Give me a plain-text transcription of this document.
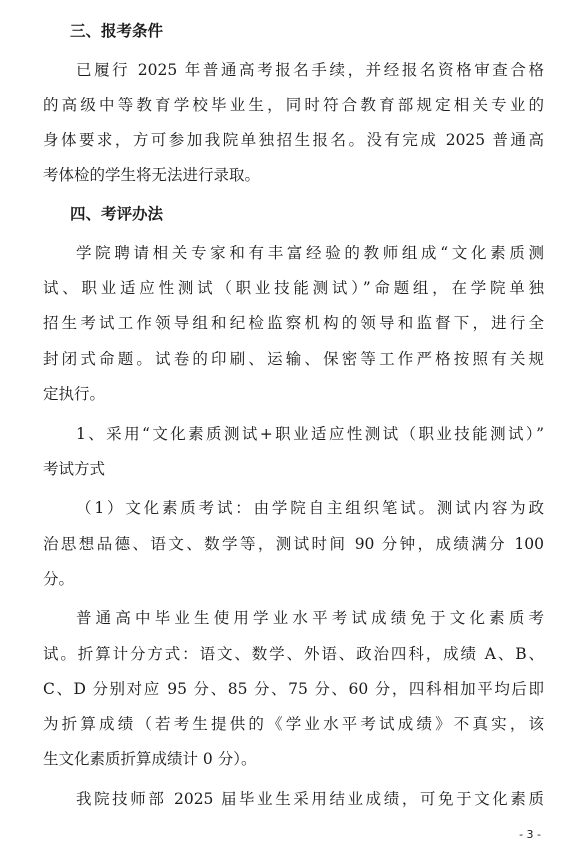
三、报考条件
已履行 2025 年普通高考报名手续，并经报名资格审查合格
的高级中等教育学校毕业生，同时符合教育部规定相关专业的
身体要求，方可参加我院单独招生报名。没有完成 2025 普通高
考体检的学生将无法进行录取。
四、考评办法
学院聘请相关专家和有丰富经验的教师组成“文化素质测
试、职业适应性测试（职业技能测试）”命题组，在学院单独
招生考试工作领导组和纪检监察机构的领导和监督下，进行全
封闭式命题。试卷的印刷、运输、保密等工作严格按照有关规
定执行。
1、采用“文化素质测试+职业适应性测试（职业技能测试）”
考试方式
（1）文化素质考试：由学院自主组织笔试。测试内容为政
治思想品德、语文、数学等，测试时间 90 分钟，成绩满分 100
分。
普通高中毕业生使用学业水平考试成绩免于文化素质考
试。折算计分方式：语文、数学、外语、政治四科，成绩 A、B、
C、D 分别对应 95 分、85 分、75 分、60 分，四科相加平均后即
为折算成绩（若考生提供的《学业水平考试成绩》不真实，该
生文化素质折算成绩计 0 分）。
我院技师部 2025 届毕业生采用结业成绩，可免于文化素质
- 3 -
